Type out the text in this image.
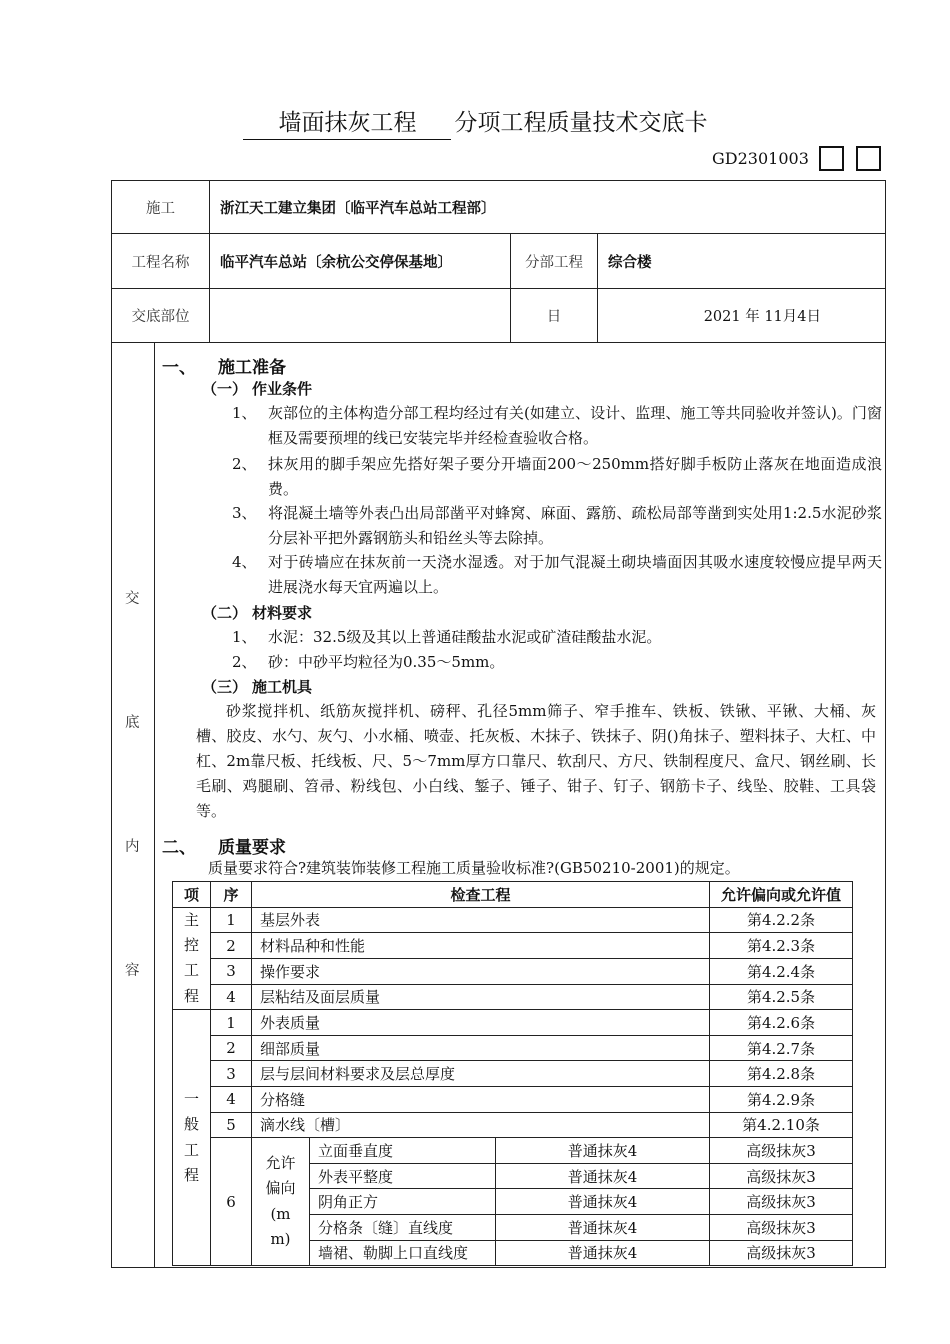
墙面抹灰工程 分项工程质量技术交底卡
GD2301003
施工	浙江天工建立集团〔临平汽车总站工程部〕
工程名称	临平汽车总站〔余杭公交停保基地〕	分部工程	综合楼
交底部位		日	2021 年 11月4日

交
底
内
容

一、 施工准备
（一） 作业条件
1、 灰部位的主体构造分部工程均经过有关(如建立、设计、监理、施工等共同验收并签认)。门窗框及需要预埋的线已安装完毕并经检查验收合格。
2、 抹灰用的脚手架应先搭好架子要分开墙面200～250mm搭好脚手板防止落灰在地面造成浪费。
3、 将混凝土墙等外表凸出局部凿平对蜂窝、麻面、露筋、疏松局部等凿到实处用1:2.5水泥砂浆分层补平把外露钢筋头和铅丝头等去除掉。
4、 对于砖墙应在抹灰前一天浇水湿透。对于加气混凝土砌块墙面因其吸水速度较慢应提早两天进展浇水每天宜两遍以上。
（二） 材料要求
1、 水泥：32.5级及其以上普通硅酸盐水泥或矿渣硅酸盐水泥。
2、 砂：中砂平均粒径为0.35～5mm。
（三） 施工机具
砂浆搅拌机、纸筋灰搅拌机、磅秤、孔径5mm筛子、窄手推车、铁板、铁锹、平锹、大桶、灰槽、胶皮、水勺、灰勺、小水桶、喷壶、托灰板、木抹子、铁抹子、阴()角抹子、塑料抹子、大杠、中杠、2m靠尺板、托线板、尺、5～7mm厚方口靠尺、软刮尺、方尺、铁制程度尺、盒尺、钢丝刷、长毛刷、鸡腿刷、笤帚、粉线包、小白线、錾子、锤子、钳子、钉子、钢筋卡子、线坠、胶鞋、工具袋等。
二、 质量要求
质量要求符合?建筑装饰装修工程施工质量验收标准?(GB50210-2001)的规定。
项	序	检查工程	允许偏向或允许值

主控工程
	1	基层外表	第4.2.2条
2	材料品种和性能	第4.2.3条
3	操作要求	第4.2.4条
4	层粘结及面层质量	第4.2.5条

一般工程
	1	外表质量	第4.2.6条
2	细部质量	第4.2.7条
3	层与层间材料要求及层总厚度	第4.2.8条
4	分格缝	第4.2.9条
5	滴水线〔槽〕	第4.2.10条
6	
允许偏向(mm)
	立面垂直度	普通抹灰4	高级抹灰3
外表平整度	普通抹灰4	高级抹灰3
阴角正方	普通抹灰4	高级抹灰3
分格条〔缝〕直线度	普通抹灰4	高级抹灰3
墙裙、勒脚上口直线度	普通抹灰4	高级抹灰3
